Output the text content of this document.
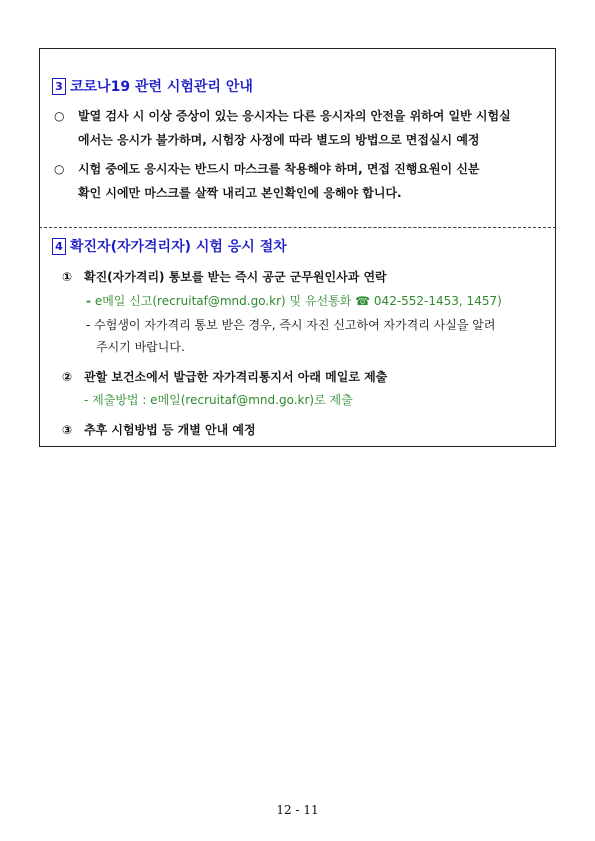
3 코로나19 관련 시험관리 안내
○ 발열 검사 시 이상 증상이 있는 응시자는 다른 응시자의 안전을 위하여 일반 시험실
에서는 응시가 불가하며, 시험장 사정에 따라 별도의 방법으로 면접실시 예정
○ 시험 중에도 응시자는 반드시 마스크를 착용해야 하며, 면접 진행요원이 신분
확인 시에만 마스크를 살짝 내리고 본인확인에 응해야 합니다.
4 확진자(자가격리자) 시험 응시 절차
① 확진(자가격리) 통보를 받는 즉시 공군 군무원인사과 연락
- e메일 신고(recruitaf@mnd.go.kr) 및 유선통화 ☎ 042-552-1453, 1457)
- 수험생이 자가격리 통보 받은 경우, 즉시 자진 신고하여 자가격리 사실을 알려
주시기 바랍니다.
② 관할 보건소에서 발급한 자가격리통지서 아래 메일로 제출
- 제출방법 : e메일(recruitaf@mnd.go.kr)로 제출
③ 추후 시험방법 등 개별 안내 예정
12 - 11
